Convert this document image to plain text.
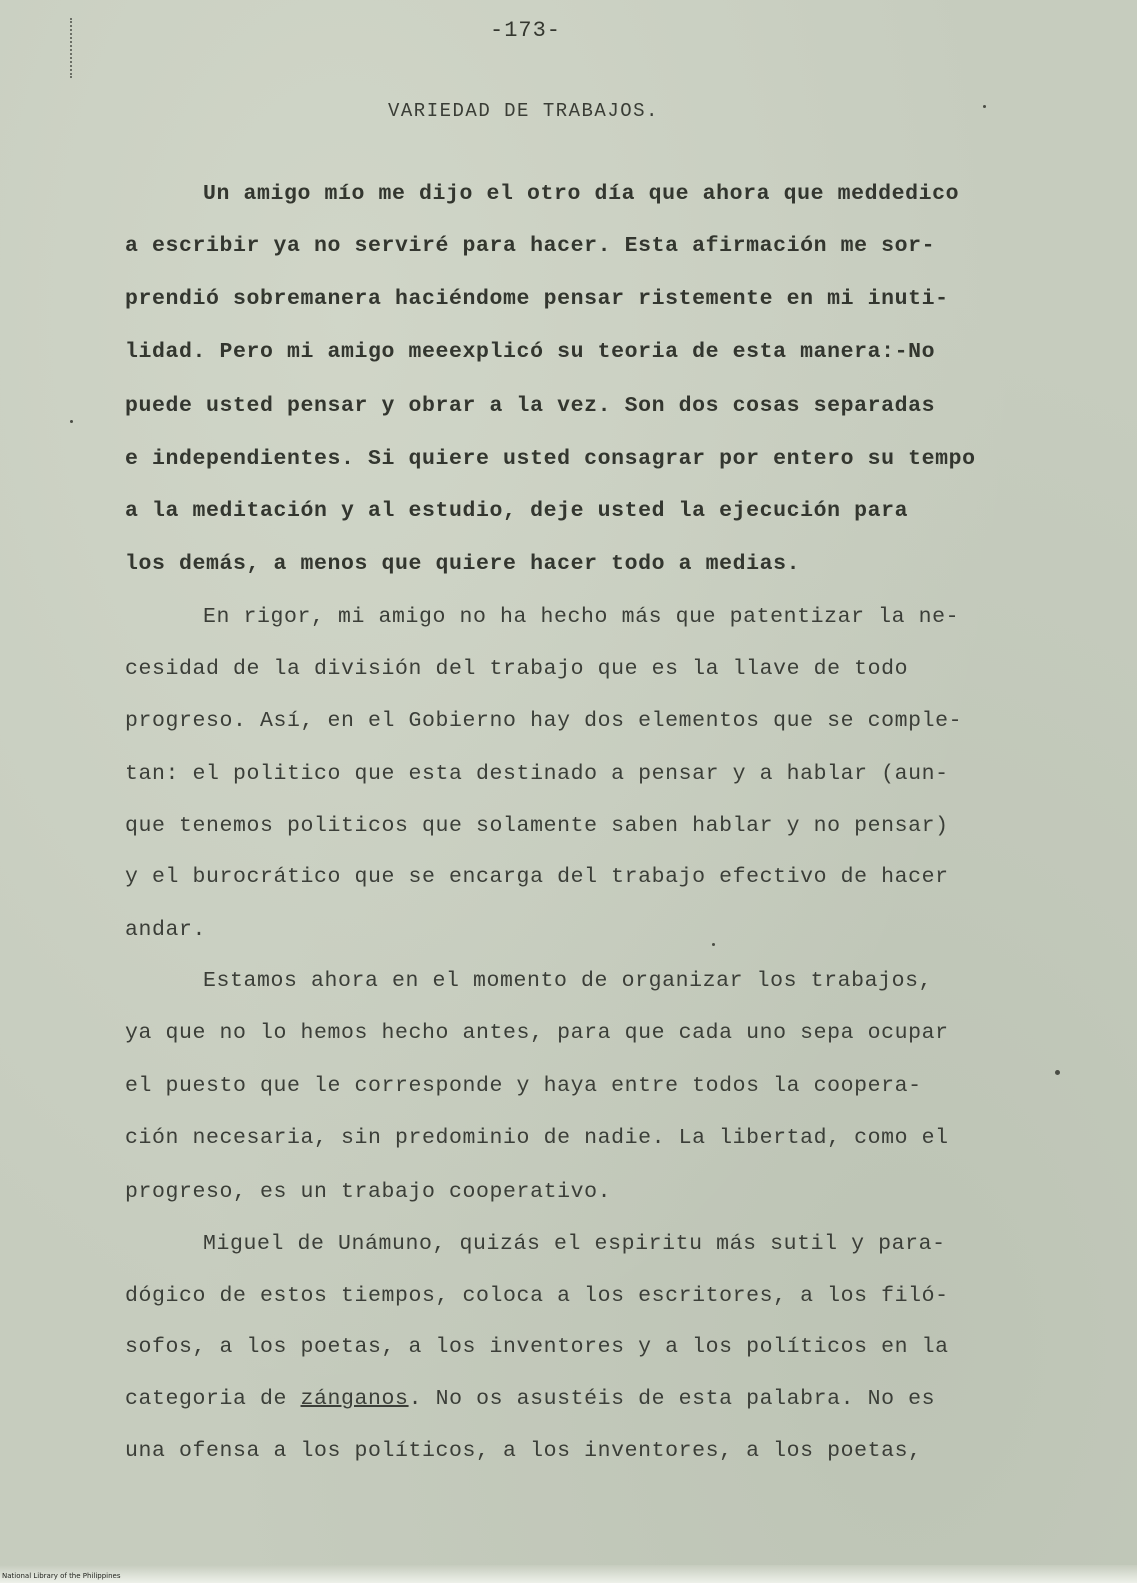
-173-
VARIEDAD DE TRABAJOS.
Un amigo mío me dijo el otro día que ahora que meddedico
a escribir ya no serviré para hacer. Esta afirmación me sor-
prendió sobremanera haciéndome pensar ristemente en mi inuti-
lidad. Pero mi amigo meeexplicó su teoria de esta manera:-No
puede usted pensar y obrar a la vez. Son dos cosas separadas
e independientes. Si quiere usted consagrar por entero su tempo
a la meditación y al estudio, deje usted la ejecución para
los demás, a menos que quiere hacer todo a medias.
En rigor, mi amigo no ha hecho más que patentizar la ne-
cesidad de la división del trabajo que es la llave de todo
progreso. Así, en el Gobierno hay dos elementos que se comple-
tan: el politico que esta destinado a pensar y a hablar (aun-
que tenemos politicos que solamente saben hablar y no pensar)
y el burocrático que se encarga del trabajo efectivo de hacer
andar.
Estamos ahora en el momento de organizar los trabajos,
ya que no lo hemos hecho antes, para que cada uno sepa ocupar
el puesto que le corresponde y haya entre todos la coopera-
ción necesaria, sin predominio de nadie. La libertad, como el
progreso, es un trabajo cooperativo.
Miguel de Unámuno, quizás el espiritu más sutil y para-
dógico de estos tiempos, coloca a los escritores, a los filó-
sofos, a los poetas, a los inventores y a los políticos en la
categoria de zánganos. No os asustéis de esta palabra. No es
una ofensa a los políticos, a los inventores, a los poetas,
National Library of the Philippines
